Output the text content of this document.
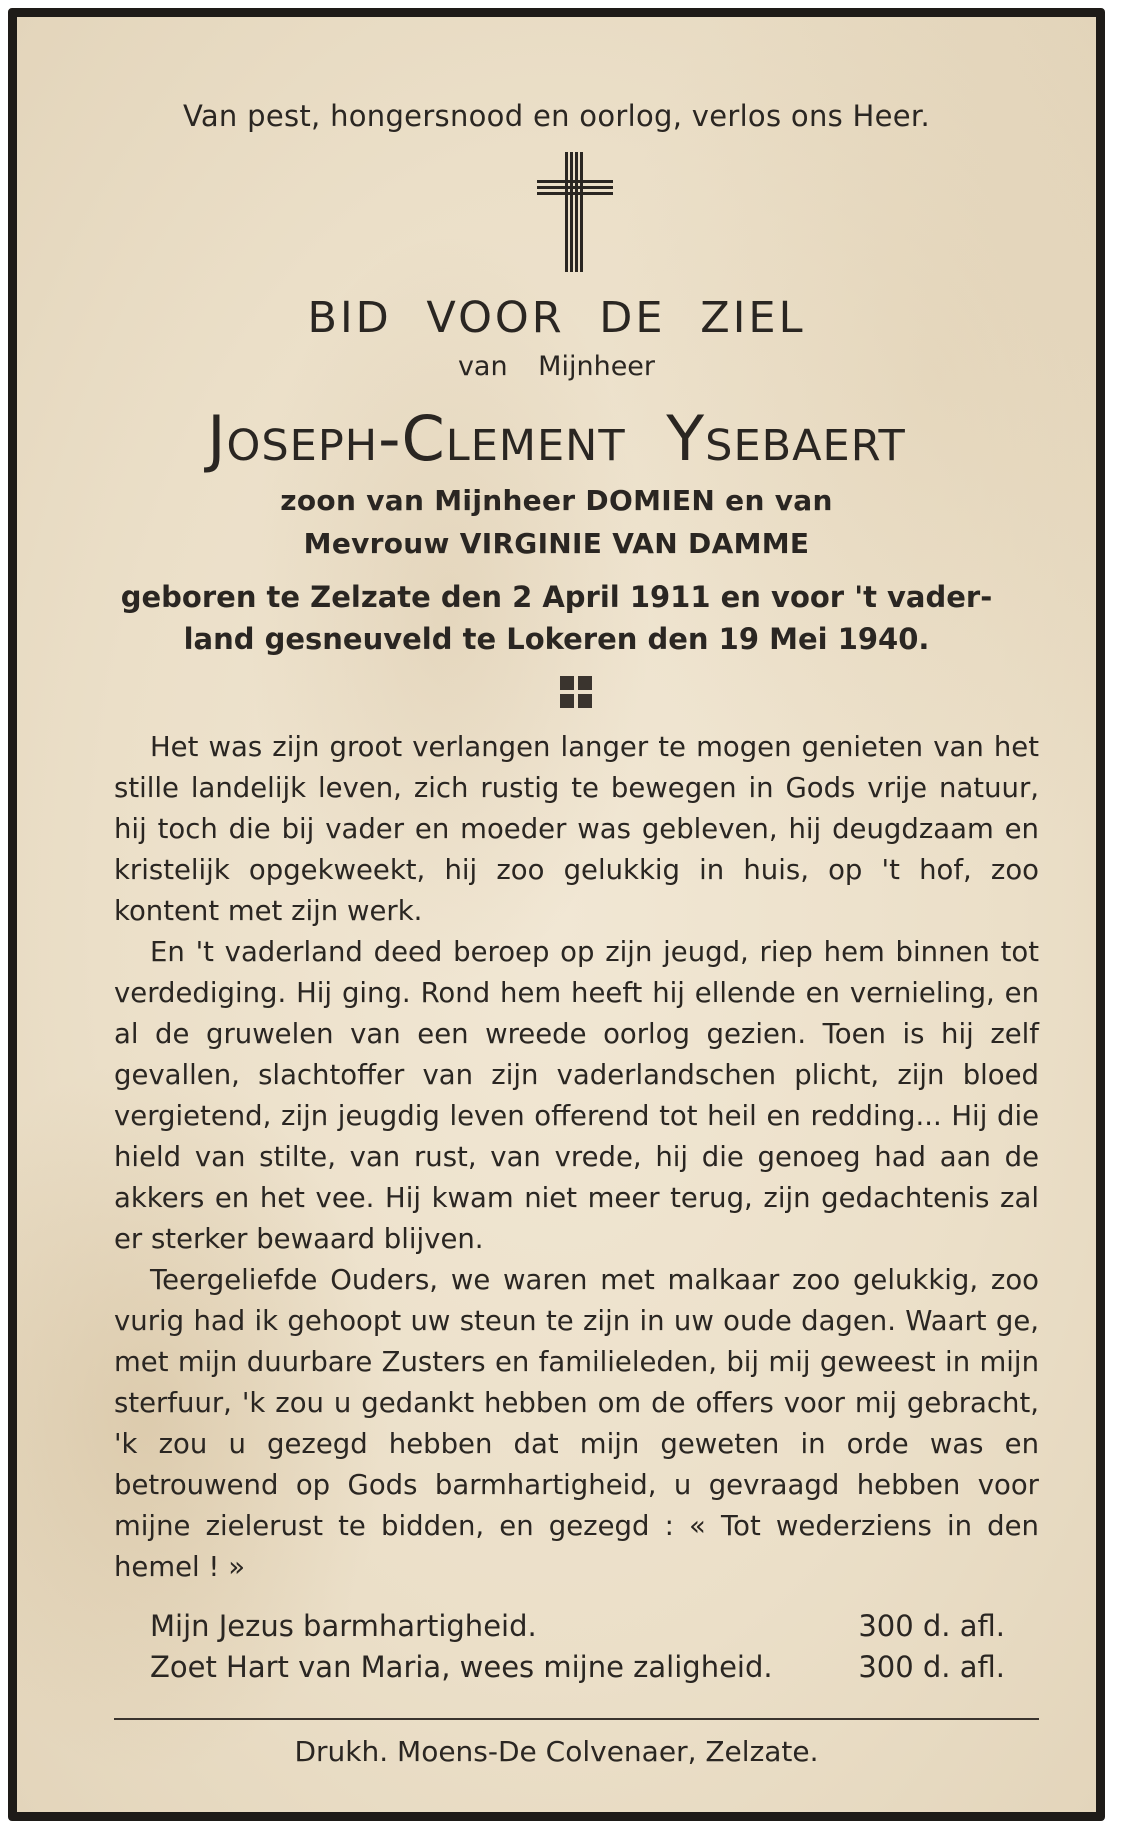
Van pest, hongersnood en oorlog, verlos ons Heer.
BID VOOR DE ZIEL
van Mijnheer
Joseph-Clement Ysebaert
zoon van Mijnheer DOMIEN en van
Mevrouw VIRGINIE VAN DAMME
geboren te Zelzate den 2 April 1911 en voor 't vader-
land gesneuveld te Lokeren den 19 Mei 1940.

Het was zijn groot verlangen langer te mogen genieten van het stille landelijk leven, zich rustig te bewegen in Gods vrije natuur, hij toch die bij vader en moeder was gebleven, hij deugdzaam en kristelijk opgekweekt, hij zoo gelukkig in huis, op 't hof, zoo kontent met zijn werk.

En 't vaderland deed beroep op zijn jeugd, riep hem binnen tot verdediging. Hij ging. Rond hem heeft hij ellende en vernieling, en al de gruwelen van een wreede oorlog gezien. Toen is hij zelf gevallen, slachtoffer van zijn vaderlandschen plicht, zijn bloed vergietend, zijn jeugdig leven offerend tot heil en redding... Hij die hield van stilte, van rust, van vrede, hij die genoeg had aan de akkers en het vee. Hij kwam niet meer terug, zijn gedachtenis zal er sterker bewaard blijven.

Teergeliefde Ouders, we waren met malkaar zoo gelukkig, zoo vurig had ik gehoopt uw steun te zijn in uw oude dagen. Waart ge, met mijn duurbare Zusters en familieleden, bij mij geweest in mijn sterfuur, 'k zou u gedankt hebben om de offers voor mij gebracht, 'k zou u gezegd hebben dat mijn geweten in orde was en betrouwend op Gods barmhartigheid, u gevraagd hebben voor mijne zielerust te bidden, en gezegd : « Tot wederziens in den hemel ! »

Mijn Jezus barmhartigheid.	300 d. afl.
Zoet Hart van Maria, wees mijne zaligheid.	300 d. afl.
Drukh. Moens-De Colvenaer, Zelzate.
